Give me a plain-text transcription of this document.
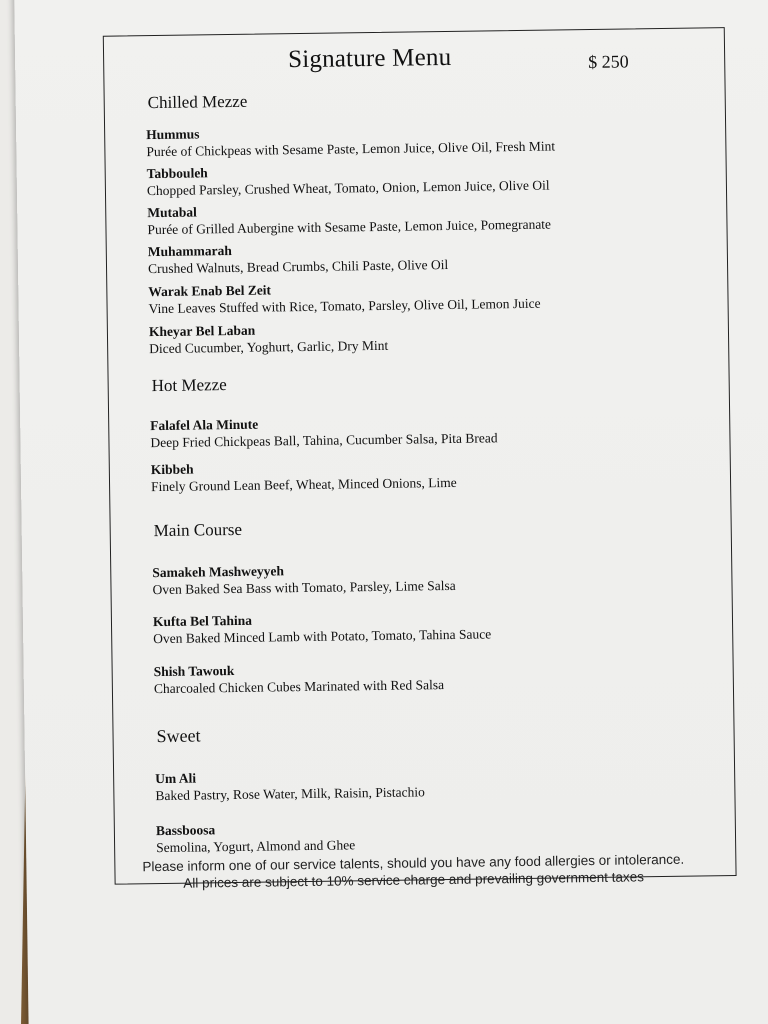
Signature Menu	$ 250
Chilled Mezze
Hummus
Purée of Chickpeas with Sesame Paste, Lemon Juice, Olive Oil, Fresh Mint
Tabbouleh
Chopped Parsley, Crushed Wheat, Tomato, Onion, Lemon Juice, Olive Oil
Mutabal
Purée of Grilled Aubergine with Sesame Paste, Lemon Juice, Pomegranate
Muhammarah
Crushed Walnuts, Bread Crumbs, Chili Paste, Olive Oil
Warak Enab Bel Zeit
Vine Leaves Stuffed with Rice, Tomato, Parsley, Olive Oil, Lemon Juice
Kheyar Bel Laban
Diced Cucumber, Yoghurt, Garlic, Dry Mint
Hot Mezze
Falafel Ala Minute
Deep Fried Chickpeas Ball, Tahina, Cucumber Salsa, Pita Bread
Kibbeh
Finely Ground Lean Beef, Wheat, Minced Onions, Lime
Main Course
Samakeh Mashweyyeh
Oven Baked Sea Bass with Tomato, Parsley, Lime Salsa
Kufta Bel Tahina
Oven Baked Minced Lamb with Potato, Tomato, Tahina Sauce
Shish Tawouk
Charcoaled Chicken Cubes Marinated with Red Salsa
Sweet
Um Ali
Baked Pastry, Rose Water, Milk, Raisin, Pistachio
Bassboosa
Semolina, Yogurt, Almond and Ghee
Please inform one of our service talents, should you have any food allergies or intolerance.
All prices are subject to 10% service charge and prevailing government taxes
